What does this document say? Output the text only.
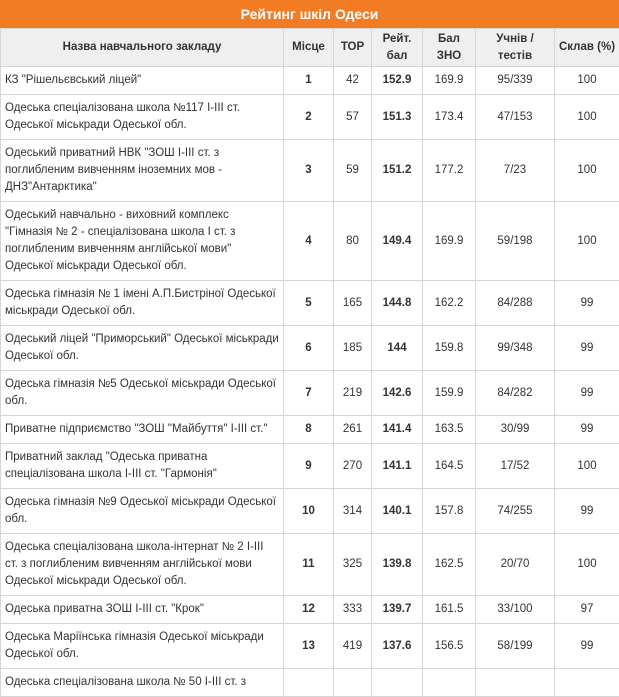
Рейтинг шкіл Одеси
Назва навчального закладу	Місце	ТОР	Рейт. бал	Бал ЗНО	Учнів / тестів	Склав (%)
КЗ "Рішельєвський ліцей"	1	42	152.9	169.9	95/339	100
Одеська спеціалізована школа №117 І-ІІІ ст. Одеської міськради Одеської обл.	2	57	151.3	173.4	47/153	100
Одеський приватний НВК "ЗОШ І-ІІІ ст. з поглибленим вивченням іноземних мов - ДНЗ"Антарктика"	3	59	151.2	177.2	7/23	100
Одеський навчально - виховний комплекс "Гімназія № 2 - спеціалізована школа І ст. з поглибленим вивченням англійської мови" Одеської міськради Одеської обл.	4	80	149.4	169.9	59/198	100
Одеська гімназія № 1 імені А.П.Бистріної Одеської міськради Одеської обл.	5	165	144.8	162.2	84/288	99
Одеський ліцей "Приморський" Одеської міськради Одеської обл.	6	185	144	159.8	99/348	99
Одеська гімназія №5 Одеської міськради Одеської обл.	7	219	142.6	159.9	84/282	99
Приватне підприємство "ЗОШ "Майбуття" І-ІІІ ст."	8	261	141.4	163.5	30/99	99
Приватний заклад "Одеська приватна спеціалізована школа І-ІІІ ст. "Гармонія"	9	270	141.1	164.5	17/52	100
Одеська гімназія №9 Одеської міськради Одеської обл.	10	314	140.1	157.8	74/255	99
Одеська спеціалізована школа-інтернат № 2 І-ІІІ ст. з поглибленим вивченням англійської мови Одеської міськради Одеської обл.	11	325	139.8	162.5	20/70	100
Одеська приватна ЗОШ І-ІІІ ст. "Крок"	12	333	139.7	161.5	33/100	97
Одеська Маріїнська гімназія Одеської міськради Одеської обл.	13	419	137.6	156.5	58/199	99
Одеська спеціалізована школа № 50 І-ІІІ ст. з						
